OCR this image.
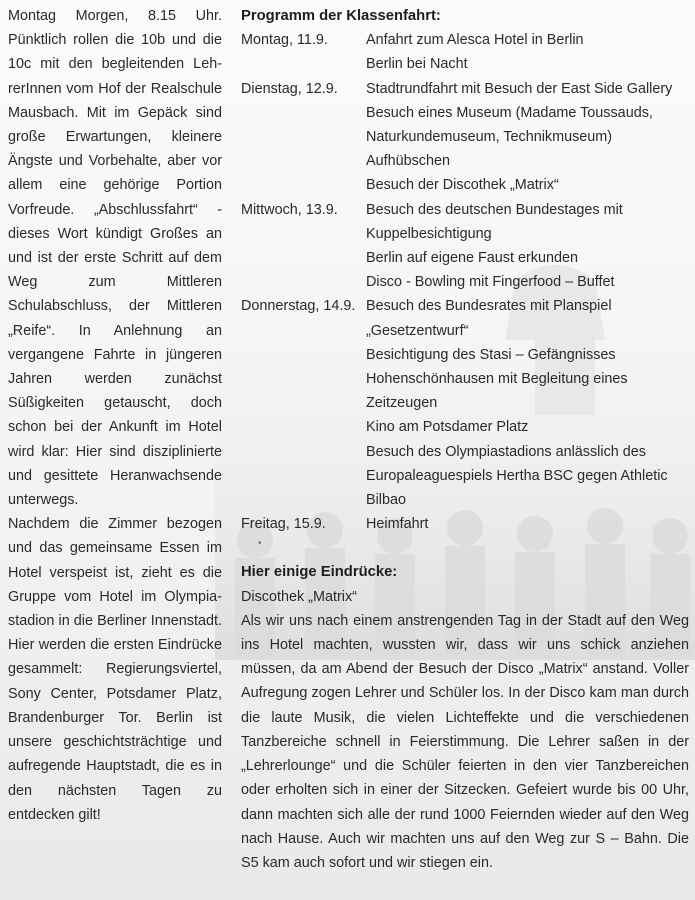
Montag Morgen, 8.15 Uhr. Pünktlich rollen die 10b und die 10c mit den begleitenden LehrerInnen vom Hof der Realschule Mausbach. Mit im Gepäck sind große Erwartungen, kleinere Ängste und Vorbehalte, aber vor allem eine gehörige Portion Vorfreude. „Abschlussfahrt“ - dieses Wort kündigt Großes an und ist der erste Schritt auf dem Weg zum Mittleren Schulabschluss, der Mittleren „Reife“. In Anlehnung an vergangene Fahrte in jüngeren Jahren werden zunächst Süßigkeiten getauscht, doch schon bei der Ankunft im Hotel wird klar: Hier sind disziplinierte und gesittete Heranwachsende unterwegs.

Nachdem die Zimmer bezogen und das gemeinsame Essen im Hotel verspeist ist, zieht es die Gruppe vom Hotel im Olympiastadion in die Berliner Innenstadt. Hier werden die ersten Eindrücke gesammelt: Regierungsviertel, Sony Center, Potsdamer Platz, Brandenburger Tor. Berlin ist unsere geschichtsträchtige und aufregende Hauptstadt, die es in den nächsten Tagen zu entdecken gilt!

Programm der Klassenfahrt:
Montag, 11.9.	Anfahrt zum Alesca Hotel in Berlin
Berlin bei Nacht
Dienstag, 12.9.	Stadtrundfahrt mit Besuch der East Side Gallery
Besuch eines Museum (Madame Toussauds,
Naturkundemuseum, Technikmuseum)
Aufhübschen
Besuch der Discothek „Matrix“
Mittwoch, 13.9.	Besuch des deutschen Bundestages mit
Kuppelbesichtigung
Berlin auf eigene Faust erkunden
Disco - Bowling mit Fingerfood – Buffet
Donnerstag, 14.9. Besuch des Bundesrates mit Planspiel
„Gesetzentwurf“
Besichtigung des Stasi – Gefängnisses
Hohenschönhausen mit Begleitung eines
Zeitzeugen
Kino am Potsdamer Platz
Besuch des Olympiastadions anlässlich des
Europaleaguespiels Hertha BSC gegen Athletic
Bilbao
Freitag, 15.9.	Heimfahrt
•
Hier einige Eindrücke:
Discothek „Matrix“

Als wir uns nach einem anstrengenden Tag in der Stadt auf den Weg ins Hotel machten, wussten wir, dass wir uns schick anziehen müssen, da am Abend der Besuch der Disco „Matrix“ anstand. Voller Aufregung zogen Lehrer und Schüler los. In der Disco kam man durch die laute Musik, die vielen Lichteffekte und die verschiedenen Tanzbereiche schnell in Feierstimmung. Die Lehrer saßen in der „Lehrerlounge“ und die Schüler feierten in den vier Tanzbereichen oder erholten sich in einer der Sitzecken. Gefeiert wurde bis 00 Uhr, dann machten sich alle der rund 1000 Feiernden wieder auf den Weg nach Hause. Auch wir machten uns auf den Weg zur S – Bahn. Die S5 kam auch sofort und wir stiegen ein.
